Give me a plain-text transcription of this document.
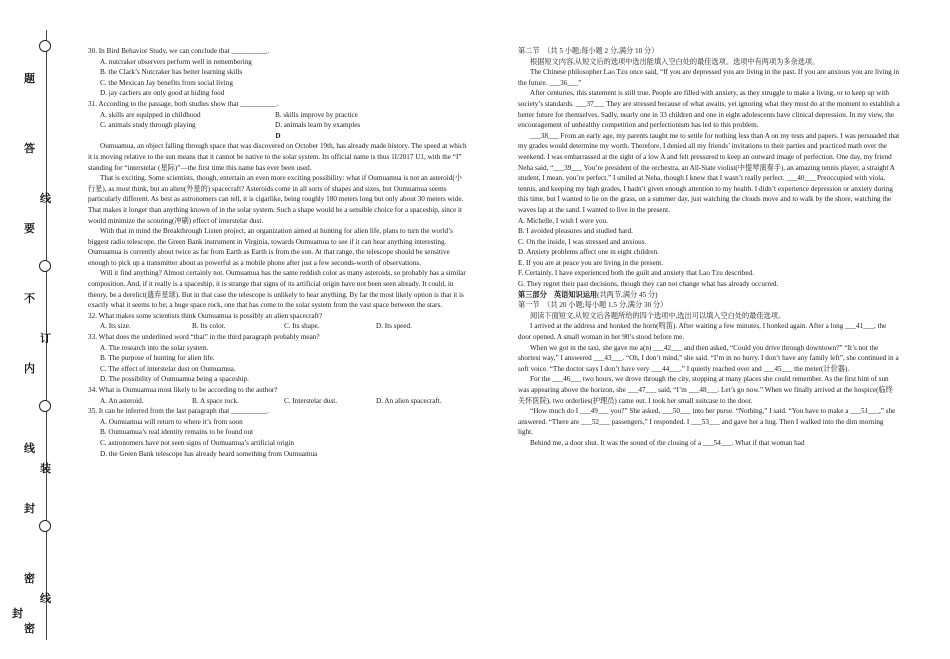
线
订
装
线
题
答
要
不
内
线
封
密
密
封

30. In Bird Behavior Study, we can conclude that __________.

A. nutcraker observers perform well in remembering

B. the Clark’s Nutcraker has better learning skills

C. the Mexican Jay benefits from social living

D. jay cachers are only good at hiding food

31. According to the passage, both studies show that __________.

A. skills are equipped in childhood	B. skills improve by practice
C. animals study through playing	D. animals learn by examples

D

Oumuamua, an object falling through space that was discovered on October 19th, has already made history. The speed at which it is moving relative to the sun means that it cannot be native to the solar system. Its official name is thus 1I/2017 U1, with the “I” standing for “interstelar (星际)”—the first time this name has ever been used.

That is exciting. Some scientists, though, entertain an even more exciting possibility: what if Oumuamua is not an asteroid(小行星), as most think, but an alien(外星的) spacecraft? Asteroids come in all sorts of shapes and sizes, but Oumuamua seems particularly different. As best as astronomers can tell, it is cigarlike, being roughly 180 meters long but only about 30 meters wide. That makes it longer than anything known of in the solar system. Such a shape would be a sensible choice for a spaceship, since it would minimize the scouring(冲刷) effect of interstelar dust.

With that in mind the Breakthrough Listen project, an organization aimed at hunting for alien life, plans to turn the world’s biggest radio telescope, the Green Bank instrument in Virginia, towards Oumuamua to see if it can hear anything interesting. Oumuamua is currently about twice as far from Earth as Earth is from the sun. At that range, the telescope should be sensitive enough to pick up a transmitter about as powerful as a mobile phone after just a few seconds-worth of observations.

Will it find anything? Almost certainly not. Oumuamua has the same reddish color as many asteroids, so probably has a similar composition. And, if it really is a spaceship, it is strange that signs of its artificial origin have not been seen already. It could, in theory, be a derelict(遗弃星球). But in that case the telescope is unlikely to hear anything. By far the most likely option is that it is exactly what it seems to be; a huge space rock, one that has come to the solar system from the vast space between the stars.

32. What makes some scientists think Oumuamua is possibly an alien spacecraft?

A. Its size.	B. Its color.	C. Its shape.	D. Its speed.

33. What does the underlined word “that” in the third paragraph probably mean?

A. The research into the solar system.

B. The purpose of hunting for alien life.

C. The effect of interstelar dust on Oumuamua.

D. The possibility of Oumuamua being a spaceship.

34. What is Oumuamua most likely to be according to the author?

A. An asteroid.	B. A space rock.	C. Interstelar dust.	D. An alien spacecraft.

35. It can be inferred from the last paragraph that __________.

A. Oumuamua will return to where it’s from soon

B. Oumuamua’s real identity remains to be found out

C. astronomers have not seen signs of Oumuamua’s artificial origin

D. the Green Bank telescope has already heard something from Oumuamua

第二节　（共 5 小题;每小题 2 分,满分 10 分）

根据短文内容,从短文后的选项中选出能填入空白处的最佳选项。选项中有两项为多余选项。

The Chinese philosopher Lao Tzu once said, “If you are depressed you are living in the past. If you are anxious you are living in the future. ___36___”

After centuries, this statement is still true. People are filled with anxiety, as they struggle to make a living, or to keep up with society’s standards. ___37___ They are stressed because of what awaits, yet ignoring what they must do at the moment to establish a better future for themselves. Sadly, nearly one in 33 children and one in eight adolescents have clinical depression. In my view, the encouragement of unhealthy competition and perfectionism has led to this problem.

___38___ From an early age, my parents taught me to settle for nothing less than A on my tests and papers. I was persuaded that my grades would determine my worth. Therefore, I denied all my friends’ invitations to their parties and practiced math over the weekend. I was embarrassed at the sight of a low A and felt pressured to keep an outward image of perfection. One day, my friend Neha said, “___39___ You’re president of the orchestra, an All-State violist(中提琴演奏手), an amazing tennis player, a straight A student, I mean, you’re perfect.” I smiled at Neha, though I knew that I wasn’t really perfect. ___40___ Preoccupied with viola, tennis, and keeping my high grades, I hadn’t given enough attention to my health. I didn’t experience depression or anxiety during this time, but I wanted to lie on the grass, on a summer day, just watching the clouds move and to walk by the shore, watching the waves lap at the sand. I wanted to live in the present.

A. Michelle, I wish I were you.

B. I avoided pleasures and studied hard.

C. On the inside, I was stressed and anxious.

D. Anxiety problems affect one in eight children.

E. If you are at peace you are living in the present.

F. Certainly, I have experienced both the guilt and anxiety that Lao Tzu described.

G. They regret their past decisions, though they can not change what has already occurred.

第三部分　英语知识运用(共两节,满分 45 分)

第一节　（共 20 小题;每小题 1.5 分,满分 30 分）

阅读下面短文,从短文后各题所给的四个选项中,选出可以填入空白处的最佳选项。

I arrived at the address and honked the horn(鸣笛). After waiting a few minutes, I honked again. After a long ___41___, the door opened. A small woman in her 90’s stood before me.

When we got in the taxi, she gave me a(n) ___42___ and then asked, “Could you drive through downtown?” “It’s not the shortest way,” I answered ___43___. “Oh, I don’t mind,” she said. “I’m in no hurry. I don’t have any family left”, she continued in a soft voice. “The doctor says I don’t have very ___44___.” I quietly reached over and ___45___ the meter(计价器).

For the ___46___ two hours, we drove through the city, stopping at many places she could remember. As the first hint of sun was appearing above the horizon, she ___47___ said, “I’m ___48___. Let’s go now.” When we finally arrived at the hospice(临终关怀医院), two orderlies(护理员) came out. I took her small suitcase to the door.

“How much do I ___49___ you?” She asked, ___50___ into her purse. “Nothing,” I said. “You have to make a ___51___,” she answered. “There are ___52___ passengers,” I responded. I ___53___ and gave her a hug. Then I walked into the dim morning light.

Behind me, a door shut. It was the sound of the closing of a ___54___. What if that woman had
